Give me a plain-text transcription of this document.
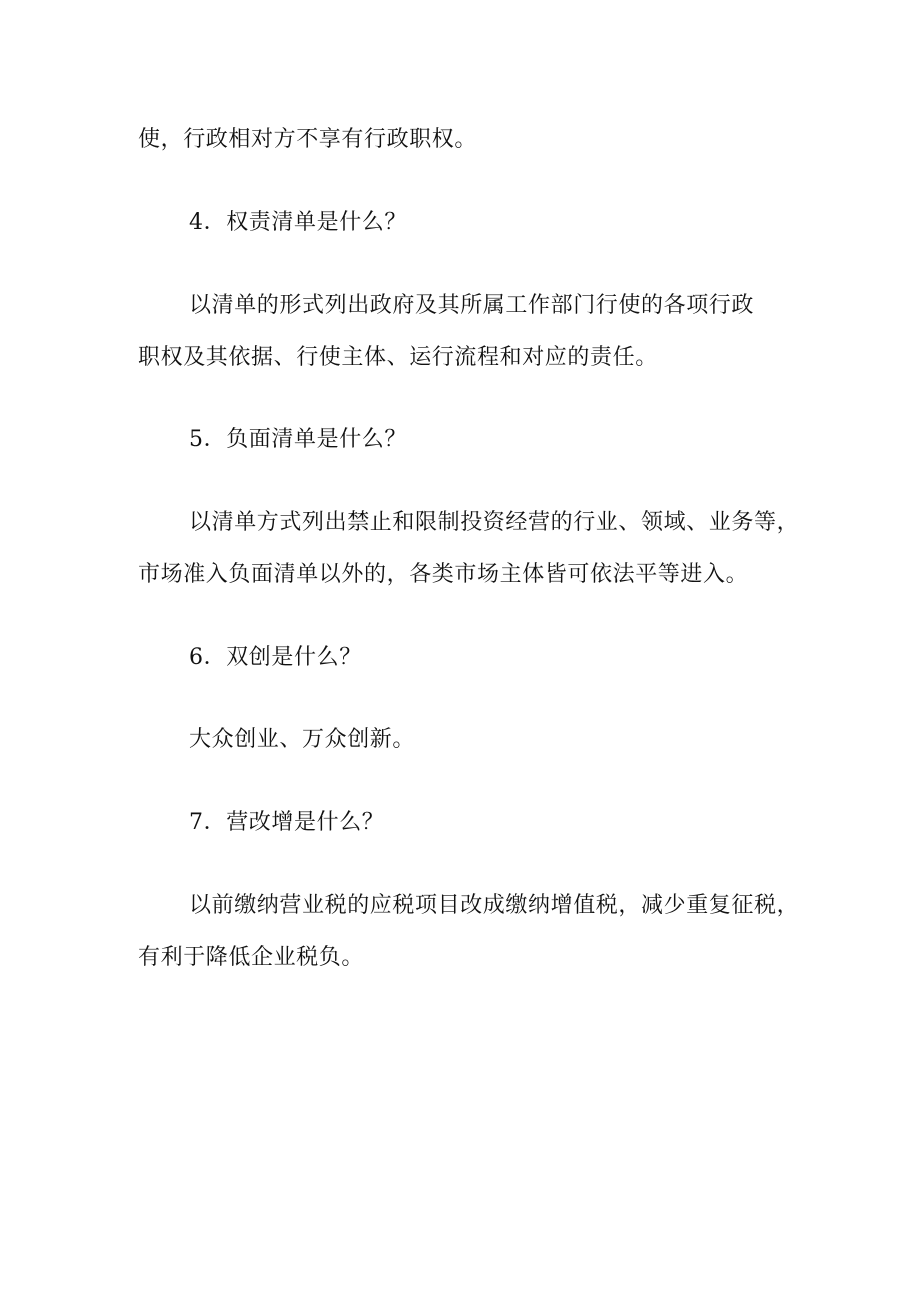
使，行政相对方不享有行政职权。
4．权责清单是什么？
以清单的形式列出政府及其所属工作部门行使的各项行政
职权及其依据、行使主体、运行流程和对应的责任。
5．负面清单是什么？
以清单方式列出禁止和限制投资经营的行业、领域、业务等，
市场准入负面清单以外的，各类市场主体皆可依法平等进入。
6．双创是什么？
大众创业、万众创新。
7．营改增是什么？
以前缴纳营业税的应税项目改成缴纳增值税，减少重复征税，
有利于降低企业税负。
